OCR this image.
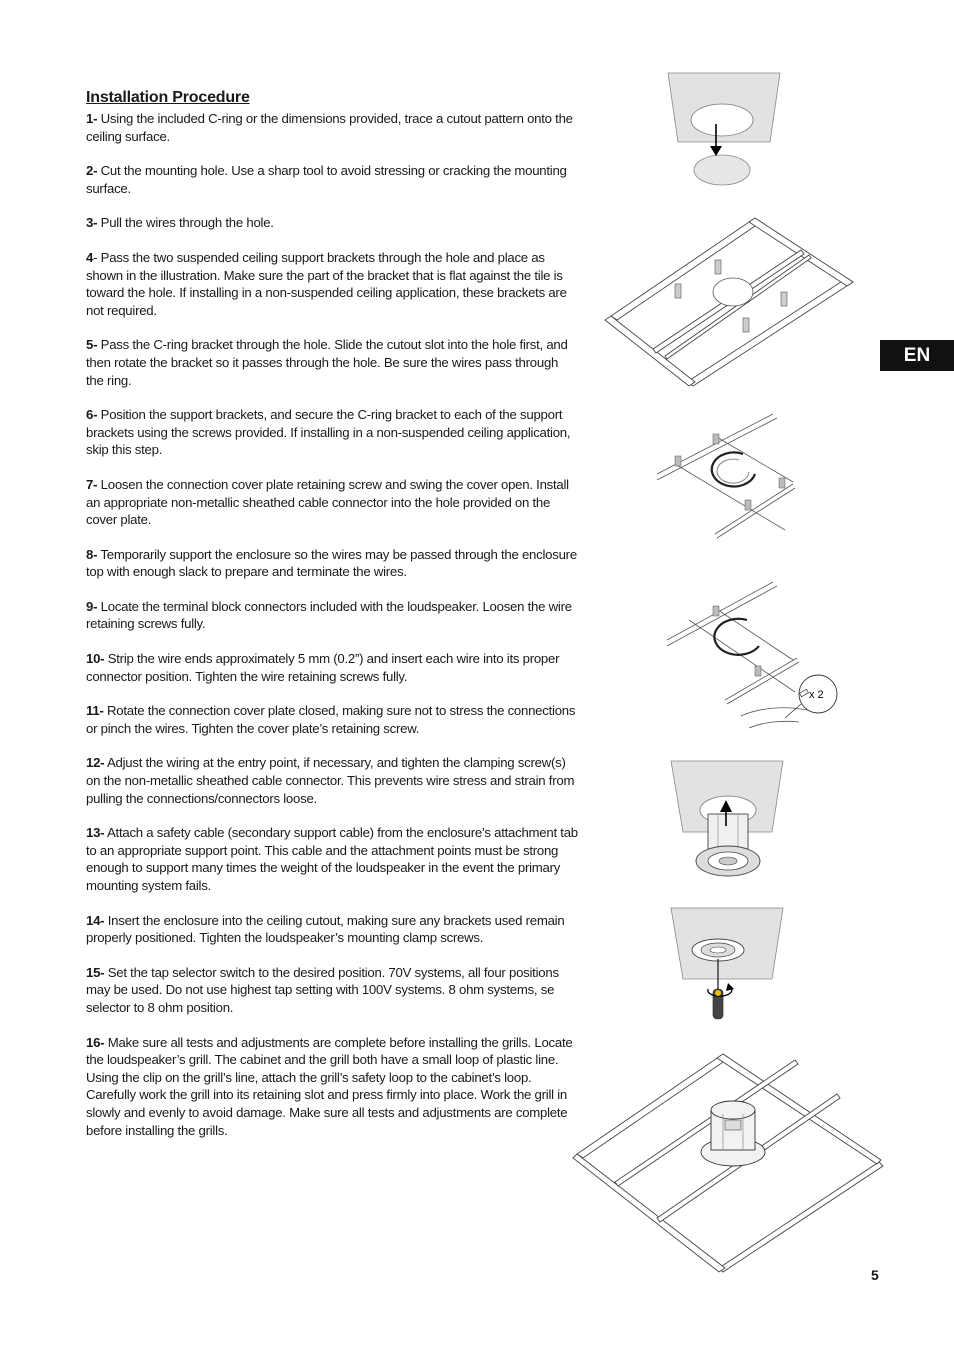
Installation Procedure

1- Using the included C-ring or the dimensions provided, trace a cutout pattern onto the ceiling surface.

2- Cut the mounting hole. Use a sharp tool to avoid stressing or cracking the mounting surface.

3- Pull the wires through the hole.

4- Pass the two suspended ceiling support brackets through the hole and place as shown in the illustration. Make sure the part of the bracket that is flat against the tile is toward the hole. If installing in a non-suspended ceiling application, these brackets are not required.

5- Pass the C-ring bracket through the hole. Slide the cutout slot into the hole first, and then rotate the bracket so it passes through the hole. Be sure the wires pass through the ring.

6- Position the support brackets, and secure the C-ring bracket to each of the support brackets using the screws provided. If installing in a non-suspended ceiling application, skip this step.

7- Loosen the connection cover plate retaining screw and swing the cover open. Install an appropriate non-metallic sheathed cable connector into the hole provided on the cover plate.

8- Temporarily support the enclosure so the wires may be passed through the enclosure top with enough slack to prepare and terminate the wires.

9- Locate the terminal block connectors included with the loudspeaker. Loosen the wire retaining screws fully.

10- Strip the wire ends approximately 5 mm (0.2”) and insert each wire into its proper connector position. Tighten the wire retaining screws fully.

11- Rotate the connection cover plate closed, making sure not to stress the connections or pinch the wires. Tighten the cover plate’s retaining screw.

12- Adjust the wiring at the entry point, if necessary, and tighten the clamping screw(s) on the non-metallic sheathed cable connector. This prevents wire stress and strain from pulling the connections/connectors loose.

13- Attach a safety cable (secondary support cable) from the enclosure’s attachment tab to an appropriate support point. This cable and the attachment points must be strong enough to support many times the weight of the loudspeaker in the event the primary mounting system fails.

14- Insert the enclosure into the ceiling cutout, making sure any brackets used remain properly positioned. Tighten the loudspeaker’s mounting clamp screws.

15- Set the tap selector switch to the desired position. 70V systems, all four positions may be used. Do not use highest tap setting with 100V systems. 8 ohm systems, se selector to 8 ohm position.

16- Make sure all tests and adjustments are complete before installing the grills. Locate the loudspeaker’s grill. The cabinet and the grill both have a small loop of plastic line. Using the clip on the grill’s line, attach the grill’s safety loop to the cabinet’s loop. Carefully work the grill into its retaining slot and press firmly into place. Work the grill in slowly and evenly to avoid damage. Make sure all tests and adjustments are complete before installing the grills.

EN
5
x 2
